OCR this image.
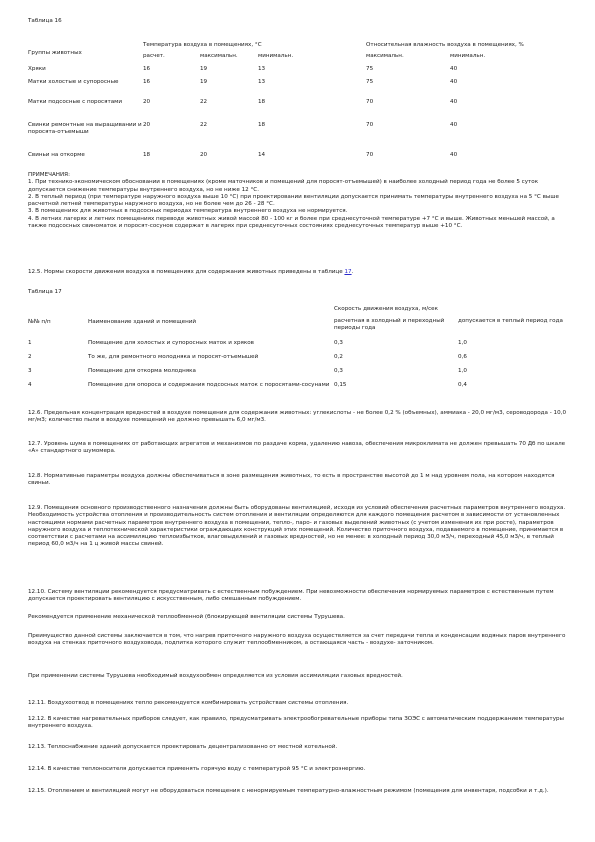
Таблица 16
Группы животных	Температура воздуха в помещениях, °С			Относительная влажность воздуха в помещениях, %	
	расчет.	максимальн.	минимальн.	максимальн.	минимальн.
Хряки	16	19	13	75	40
Матки холостые и супоросные	16	19	13	75	40
Матки подсосные с поросятами	20	22	18	70	40
Свинки ремонтные на выращивании и поросята-отъемыши	20	22	18	70	40
Свиньи на откорме	18	20	14	70	40
ПРИМЕЧАНИЯ:
1. При технико-экономическом обосновании в помещениях (кроме маточников и помещений для поросят-отъемышей) в наиболее холодный период года не более 5 суток допускается снижение температуры внутреннего воздуха, но не ниже 12 °С.
2. В теплый период (при температуре наружного воздуха выше 10 °С) при проектировании вентиляции допускается принимать температуры внутреннего воздуха на 5 °С выше расчетной летней температуры наружного воздуха, но не более чем до 26 - 28 °С.
3. В помещениях для животных в подсосных периодах температура внутреннего воздуха не нормируется.
4. В летних лагерях и летних помещениях переводе животных живой массой 80 - 100 кг и более при среднесуточной температуре +7 °С и выше. Животных меньшей массой, а также подсосных свиноматок и поросят-сосунов содержат в лагерях при среднесуточных состояниях среднесуточных температур выше +10 °С.
12.5. Нормы скорости движения воздуха в помещениях для содержания животных приведены в таблице 17.
Таблица 17
№№ п/п	Наименование зданий и помещений	Скорость движения воздуха, м/сек	
		расчетная в холодный и переходный периоды года	допускается в теплый период года
1	Помещение для холостых и супоросных маток и хряков	0,3	1,0
2	То же, для ремонтного молодняка и поросят-отъемышей	0,2	0,6
3	Помещение для откорма молодняка	0,3	1,0
4	Помещение для опороса и содержания подсосных маток с поросятами-сосунами	0,15	0,4

12.6. Предельная концентрация вредностей в воздухе помещения для содержания животных: углекислоты - не более 0,2 % (объемных), аммиака - 20,0 мг/м3, сероводорода - 10,0 мг/м3; количество пыли в воздухе помещений не должно превышать 6,0 мг/м3.

12.7. Уровень шума в помещениях от работающих агрегатов и механизмов по раздаче корма, удалению навоза, обеспечения микроклимата не должен превышать 70 Дб по шкале «А» стандартного шумомера.

12.8. Нормативные параметры воздуха должны обеспечиваться в зоне размещения животных, то есть в пространстве высотой до 1 м над уровнем пола, на котором находятся свиньи.

12.9. Помещения основного производственного назначения должны быть оборудованы вентиляцией, исходя из условий обеспечения расчетных параметров внутреннего воздуха. Необходимость устройства отопления и производительность систем отопления и вентиляции определяются для каждого помещения расчетом в зависимости от установленных настоящими нормами расчетных параметров внутреннего воздуха в помещении, тепло-, паро- и газовых выделений животных (с учетом изменения их при росте), параметров наружного воздуха и теплотехнической характеристики ограждающих конструкций этих помещений. Количество приточного воздуха, подаваемого в помещение, принимается в соответствии с расчетами на ассимиляцию теплоизбытков, влаговыделений и газовых вредностей, но не менее: в холодный период 30,0 м3/ч, переходный 45,0 м3/ч, в теплый период 60,0 м3/ч на 1 ц живой массы свиней.

12.10. Систему вентиляции рекомендуется предусматривать с естественным побуждением. При невозможности обеспечения нормируемых параметров с естественным путем допускается проектировать вентиляцию с искусственным, либо смешанным побуждением.

Рекомендуется применение механической теплообменной (блокирующей вентиляции системы Турушева.

Преимущество данной системы заключается в том, что нагрев приточного наружного воздуха осуществляется за счет передачи тепла и конденсации водяных паров внутреннего воздуха на стенках приточного воздуховода, подпитка которого служит теплообменником, а остающаяся часть - воздухе- заточником.

При применении системы Турушева необходимый воздухообмен определяется из условия ассимиляции газовых вредностей.

12.11. Воздухоотвод в помещениях тепло рекомендуется комбинировать устройствам системы отопления.

12.12. В качестве нагревательных приборов следует, как правило, предусматривать электрообогревательные приборы типа ЗОЭС с автоматическим поддержанием температуры внутреннего воздуха.

12.13. Теплоснабжение зданий допускается проектировать децентрализованно от местной котельной.

12.14. В качестве теплоносителя допускается применять горячую воду с температурой 95 °С и электроэнергию.

12.15. Отоплением и вентиляцией могут не оборудоваться помещения с ненормируемым температурно-влажностным режимом (помещения для инвентаря, подсобки и т.д.).
